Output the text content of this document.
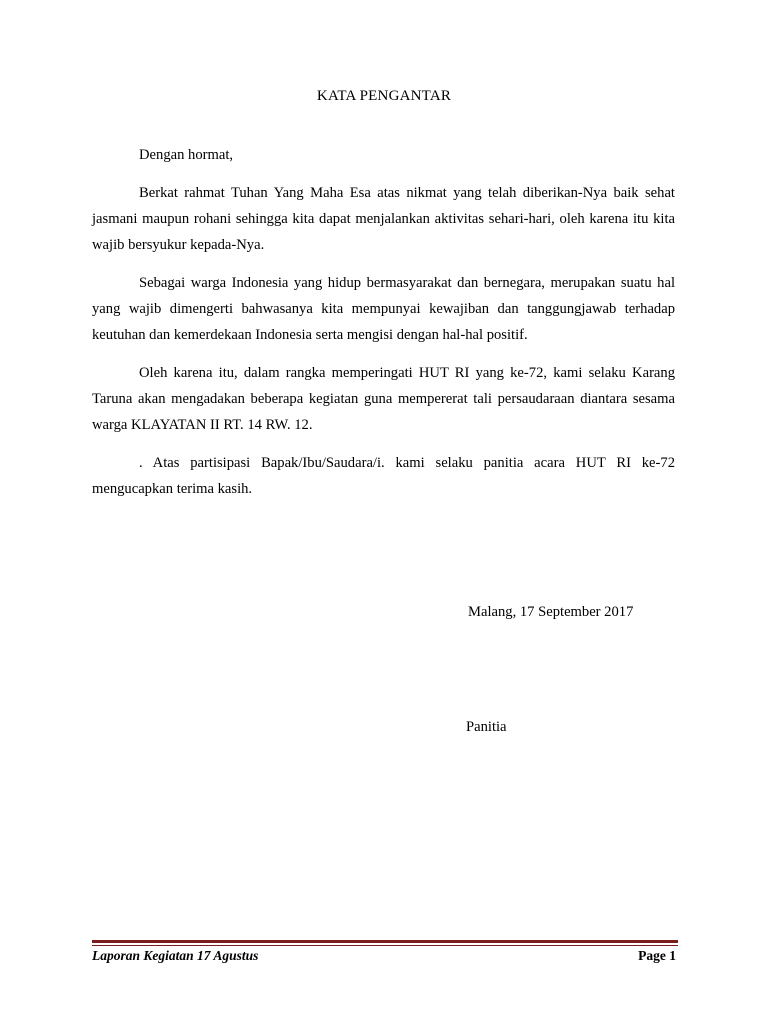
KATA PENGANTAR

Dengan hormat,

Berkat rahmat Tuhan Yang Maha Esa atas nikmat yang telah diberikan-Nya baik sehat jasmani maupun rohani sehingga kita dapat menjalankan aktivitas sehari-hari, oleh karena itu kita wajib bersyukur kepada-Nya.

Sebagai warga Indonesia yang hidup bermasyarakat dan bernegara, merupakan suatu hal yang wajib dimengerti bahwasanya kita mempunyai kewajiban dan tanggungjawab terhadap keutuhan dan kemerdekaan Indonesia serta mengisi dengan hal-hal positif.

Oleh karena itu, dalam rangka memperingati HUT RI yang ke-72, kami selaku Karang Taruna akan mengadakan beberapa kegiatan guna mempererat tali persaudaraan diantara sesama warga KLAYATAN II RT. 14 RW. 12.

. Atas partisipasi Bapak/Ibu/Saudara/i. kami selaku panitia acara HUT RI ke-72 mengucapkan terima kasih.

Malang, 17 September 2017
Panitia
Laporan Kegiatan 17 Agustus	Page 1
